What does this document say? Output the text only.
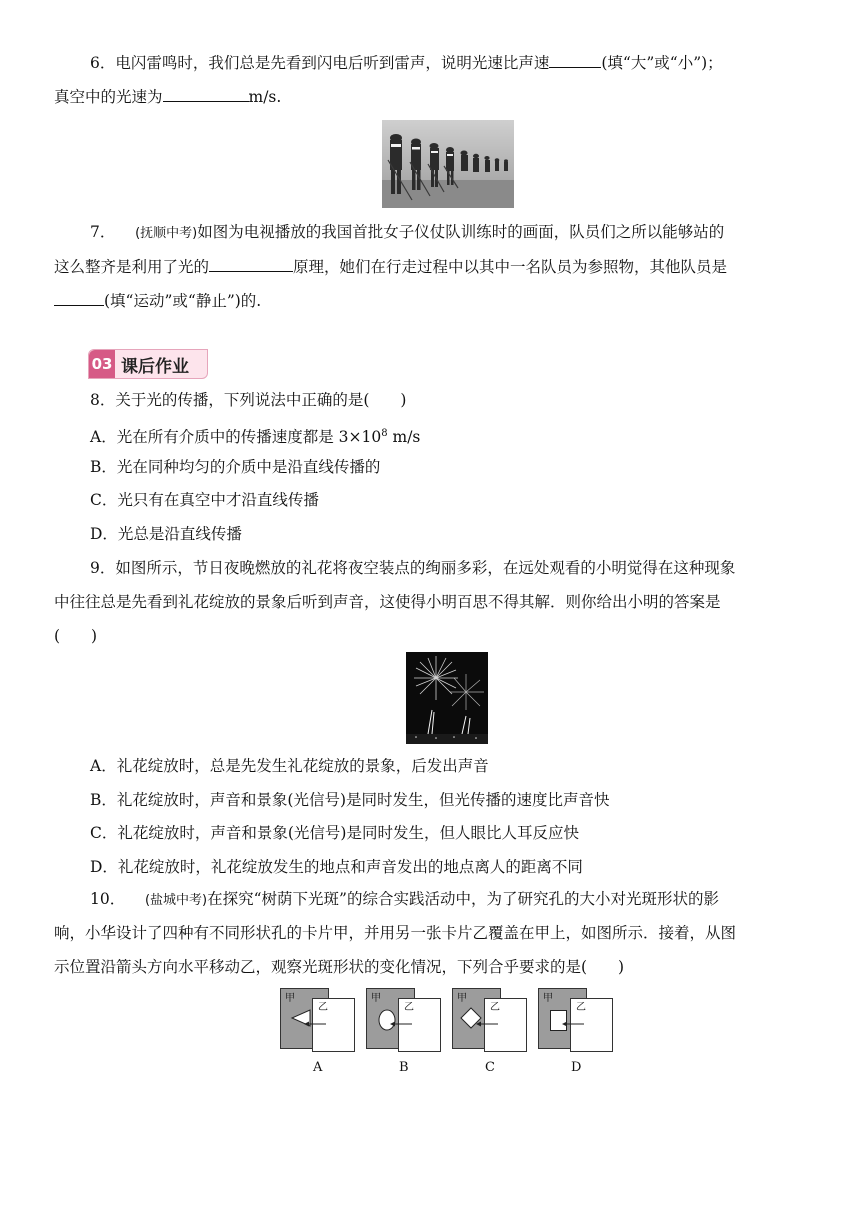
6．电闪雷鸣时，我们总是先看到闪电后听到雷声，说明光速比声速	(填“大”或“小”)；
真空中的光速为	m/s.
7． (抚顺中考)如图为电视播放的我国首批女子仪仗队训练时的画面，队员们之所以能够站的
这么整齐是利用了光的	原理，她们在行走过程中以其中一名队员为参照物，其他队员是
(填“运动”或“静止”)的.
03 课后作业
8．关于光的传播，下列说法中正确的是(　　)
A．光在所有介质中的传播速度都是 $3\times 10^8$ m/s
B．光在同种均匀的介质中是沿直线传播的
C．光只有在真空中才沿直线传播
D．光总是沿直线传播
9．如图所示，节日夜晚燃放的礼花将夜空装点的绚丽多彩，在远处观看的小明觉得在这种现象
中往往总是先看到礼花绽放的景象后听到声音，这使得小明百思不得其解．则你给出小明的答案是
(　　)
A．礼花绽放时，总是先发生礼花绽放的景象，后发出声音
B．礼花绽放时，声音和景象(光信号)是同时发生，但光传播的速度比声音快
C．礼花绽放时，声音和景象(光信号)是同时发生，但人眼比人耳反应快
D．礼花绽放时，礼花绽放发生的地点和声音发出的地点离人的距离不同
10． (盐城中考)在探究“树荫下光斑”的综合实践活动中，为了研究孔的大小对光斑形状的影
响，小华设计了四种有不同形状孔的卡片甲，并用另一张卡片乙覆盖在甲上，如图所示．接着，从图
示位置沿箭头方向水平移动乙，观察光斑形状的变化情况，下列合乎要求的是(　　)
甲
乙
A
甲
乙
B
甲
乙
C
甲
乙
D
